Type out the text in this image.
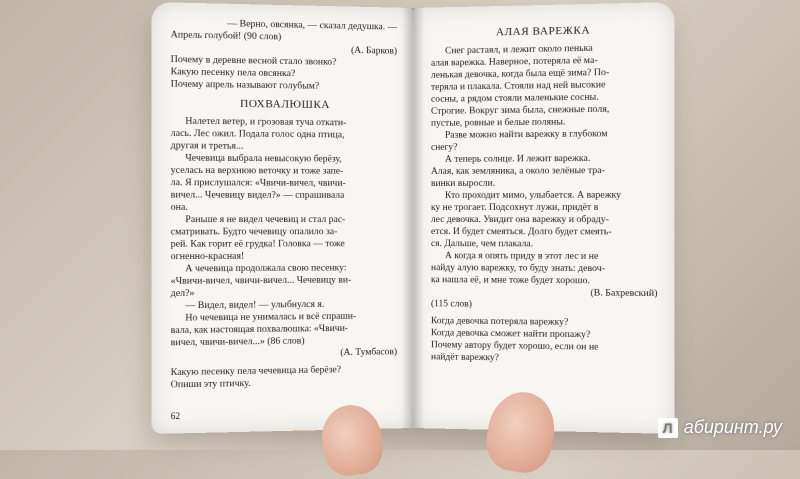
— Верно, овсянка, — сказал дедушка. —
Апрель голубой! (90 слов)
(А. Барков)
Почему в деревне весной стало звонко?
Какую песенку пела овсянка?
Почему апрель называют голубым?
ПОХВАЛЮШКА
Налетел ветер, и грозовая туча откати-
лась. Лес ожил. Подала голос одна птица,
другая и третья...
Чечевица выбрала невысокую берёзу,
уселась на верхнюю веточку и тоже запе-
ла. Я прислушался: «Чвичи-вичел, чвичи-
вичел... Чечевицу видел?» — спрашивала
она.
Раньше я не видел чечевиц и стал рас-
сматривать. Будто чечевицу опалило за-
рей. Как горит её грудка! Головка — тоже
огненно-красная!
А чечевица продолжала свою песенку:
«Чвичи-вичел, чвичи-вичел... Чечевицу ви-
дел?»
— Видел, видел! — улыбнулся я.
Но чечевица не унималась и всё спраши-
вала, как настоящая похвалюшка: «Чвичи-
вичел, чвичи-вичел...» (86 слов)
(А. Тумбасов)
Какую песенку пела чечевица на берёзе?
Опиши эту птичку.
62
АЛАЯ ВАРЕЖКА
Снег растаял, и лежит около пенька
алая варежка. Наверное, потеряла её ма-
ленькая девочка, когда была ещё зима? По-
теряла и плакала. Стояли над ней высокие
сосны, а рядом стояли маленькие сосны.
Строгие. Вокруг зима была, снежные поля,
пустые, ровные и белые поляны.
Разве можно найти варежку в глубоком
снегу?
А теперь солнце. И лежит варежка.
Алая, как земляника, а около зелёные тра-
винки выросли.
Кто проходит мимо, улыбается. А варежку
ку не трогает. Подсохнут лужи, придёт в
лес девочка. Увидит она варежку и обраду-
ется. И будет смеяться. Долго будет смеять-
ся. Дальше, чем плакала.
А когда я опять приду в этот лес и не
найду алую варежку, то буду знать: девоч-
ка нашла её, и мне тоже будет хорошо.
(В. Бахревский)
(115 слов)
Когда девочка потеряла варежку?
Когда девочка сможет найти пропажу?
Почему автору будет хорошо, если он не
найдёт варежку?
Л абиринт.ру
